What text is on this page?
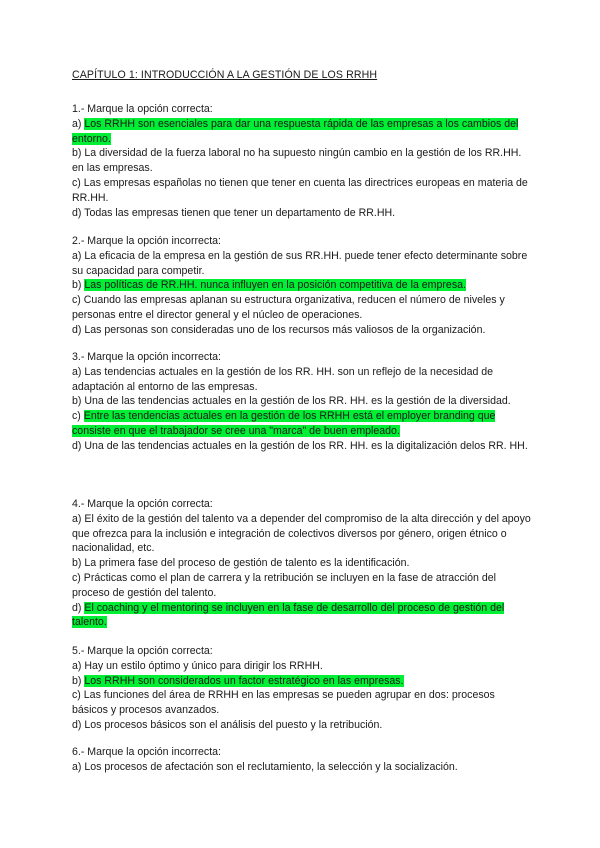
CAPÍTULO 1: INTRODUCCIÓN A LA GESTIÓN DE LOS RRHH

1.- Marque la opción correcta:

a) Los RRHH son esenciales para dar una respuesta rápida de las empresas a los cambios del entorno.

b) La diversidad de la fuerza laboral no ha supuesto ningún cambio en la gestión de los RR.HH. en las empresas.

c) Las empresas españolas no tienen que tener en cuenta las directrices europeas en materia de RR.HH.

d) Todas las empresas tienen que tener un departamento de RR.HH.

2.- Marque la opción incorrecta:

a) La eficacia de la empresa en la gestión de sus RR.HH. puede tener efecto determinante sobre su capacidad para competir.

b) Las políticas de RR.HH. nunca influyen en la posición competitiva de la empresa.

c) Cuando las empresas aplanan su estructura organizativa, reducen el número de niveles y personas entre el director general y el núcleo de operaciones.

d) Las personas son consideradas uno de los recursos más valiosos de la organización.

3.- Marque la opción incorrecta:

a) Las tendencias actuales en la gestión de los RR. HH. son un reflejo de la necesidad de adaptación al entorno de las empresas.

b) Una de las tendencias actuales en la gestión de los RR. HH. es la gestión de la diversidad.

c) Entre las tendencias actuales en la gestión de los RRHH está el employer branding que consiste en que el trabajador se cree una "marca" de buen empleado.

d) Una de las tendencias actuales en la gestión de los RR. HH. es la digitalización delos RR. HH.

4.- Marque la opción correcta:

a) El éxito de la gestión del talento va a depender del compromiso de la alta dirección y del apoyo que ofrezca para la inclusión e integración de colectivos diversos por género, origen étnico o nacionalidad, etc.

b) La primera fase del proceso de gestión de talento es la identificación.

c) Prácticas como el plan de carrera y la retribución se incluyen en la fase de atracción del proceso de gestión del talento.

d) El coaching y el mentoring se incluyen en la fase de desarrollo del proceso de gestión del talento.

5.- Marque la opción correcta:

a) Hay un estilo óptimo y único para dirigir los RRHH.

b) Los RRHH son considerados un factor estratégico en las empresas.

c) Las funciones del área de RRHH en las empresas se pueden agrupar en dos: procesos básicos y procesos avanzados.

d) Los procesos básicos son el análisis del puesto y la retribución.

6.- Marque la opción incorrecta:

a) Los procesos de afectación son el reclutamiento, la selección y la socialización.
